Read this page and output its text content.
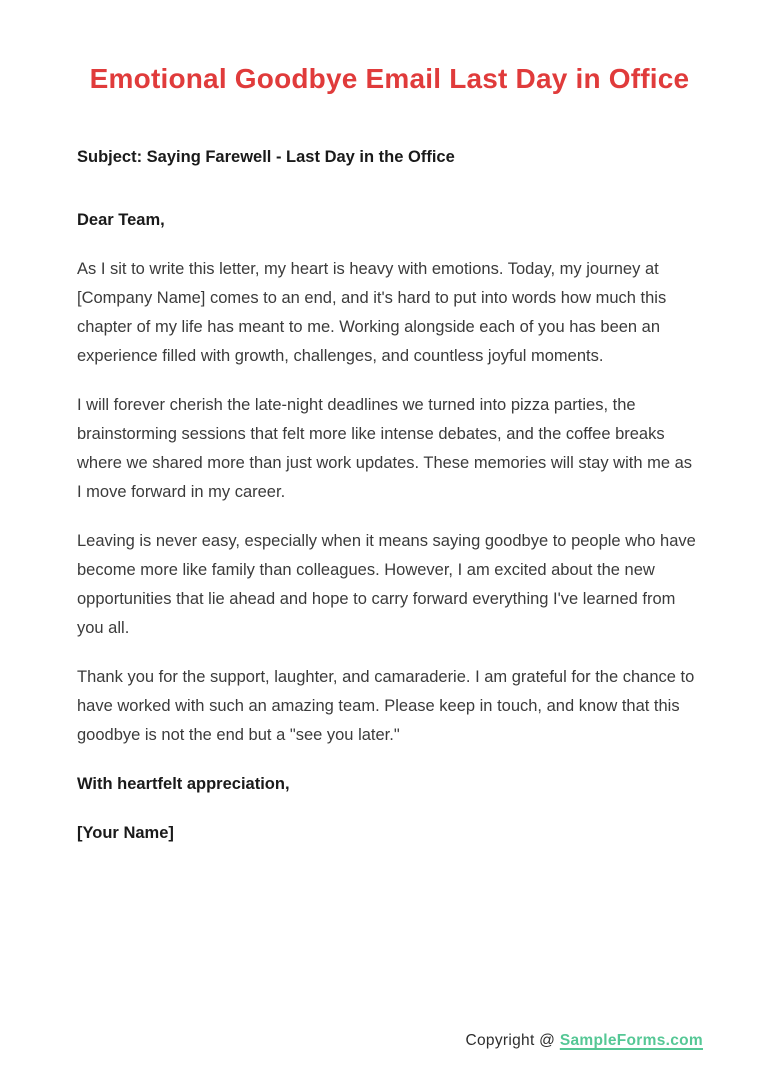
Emotional Goodbye Email Last Day in Office

Subject: Saying Farewell - Last Day in the Office

Dear Team,

As I sit to write this letter, my heart is heavy with emotions. Today, my journey at [Company Name] comes to an end, and it's hard to put into words how much this chapter of my life has meant to me. Working alongside each of you has been an experience filled with growth, challenges, and countless joyful moments.

I will forever cherish the late-night deadlines we turned into pizza parties, the brainstorming sessions that felt more like intense debates, and the coffee breaks where we shared more than just work updates. These memories will stay with me as I move forward in my career.

Leaving is never easy, especially when it means saying goodbye to people who have become more like family than colleagues. However, I am excited about the new opportunities that lie ahead and hope to carry forward everything I've learned from you all.

Thank you for the support, laughter, and camaraderie. I am grateful for the chance to have worked with such an amazing team. Please keep in touch, and know that this goodbye is not the end but a "see you later."

With heartfelt appreciation,

[Your Name]

Copyright @ SampleForms.com
